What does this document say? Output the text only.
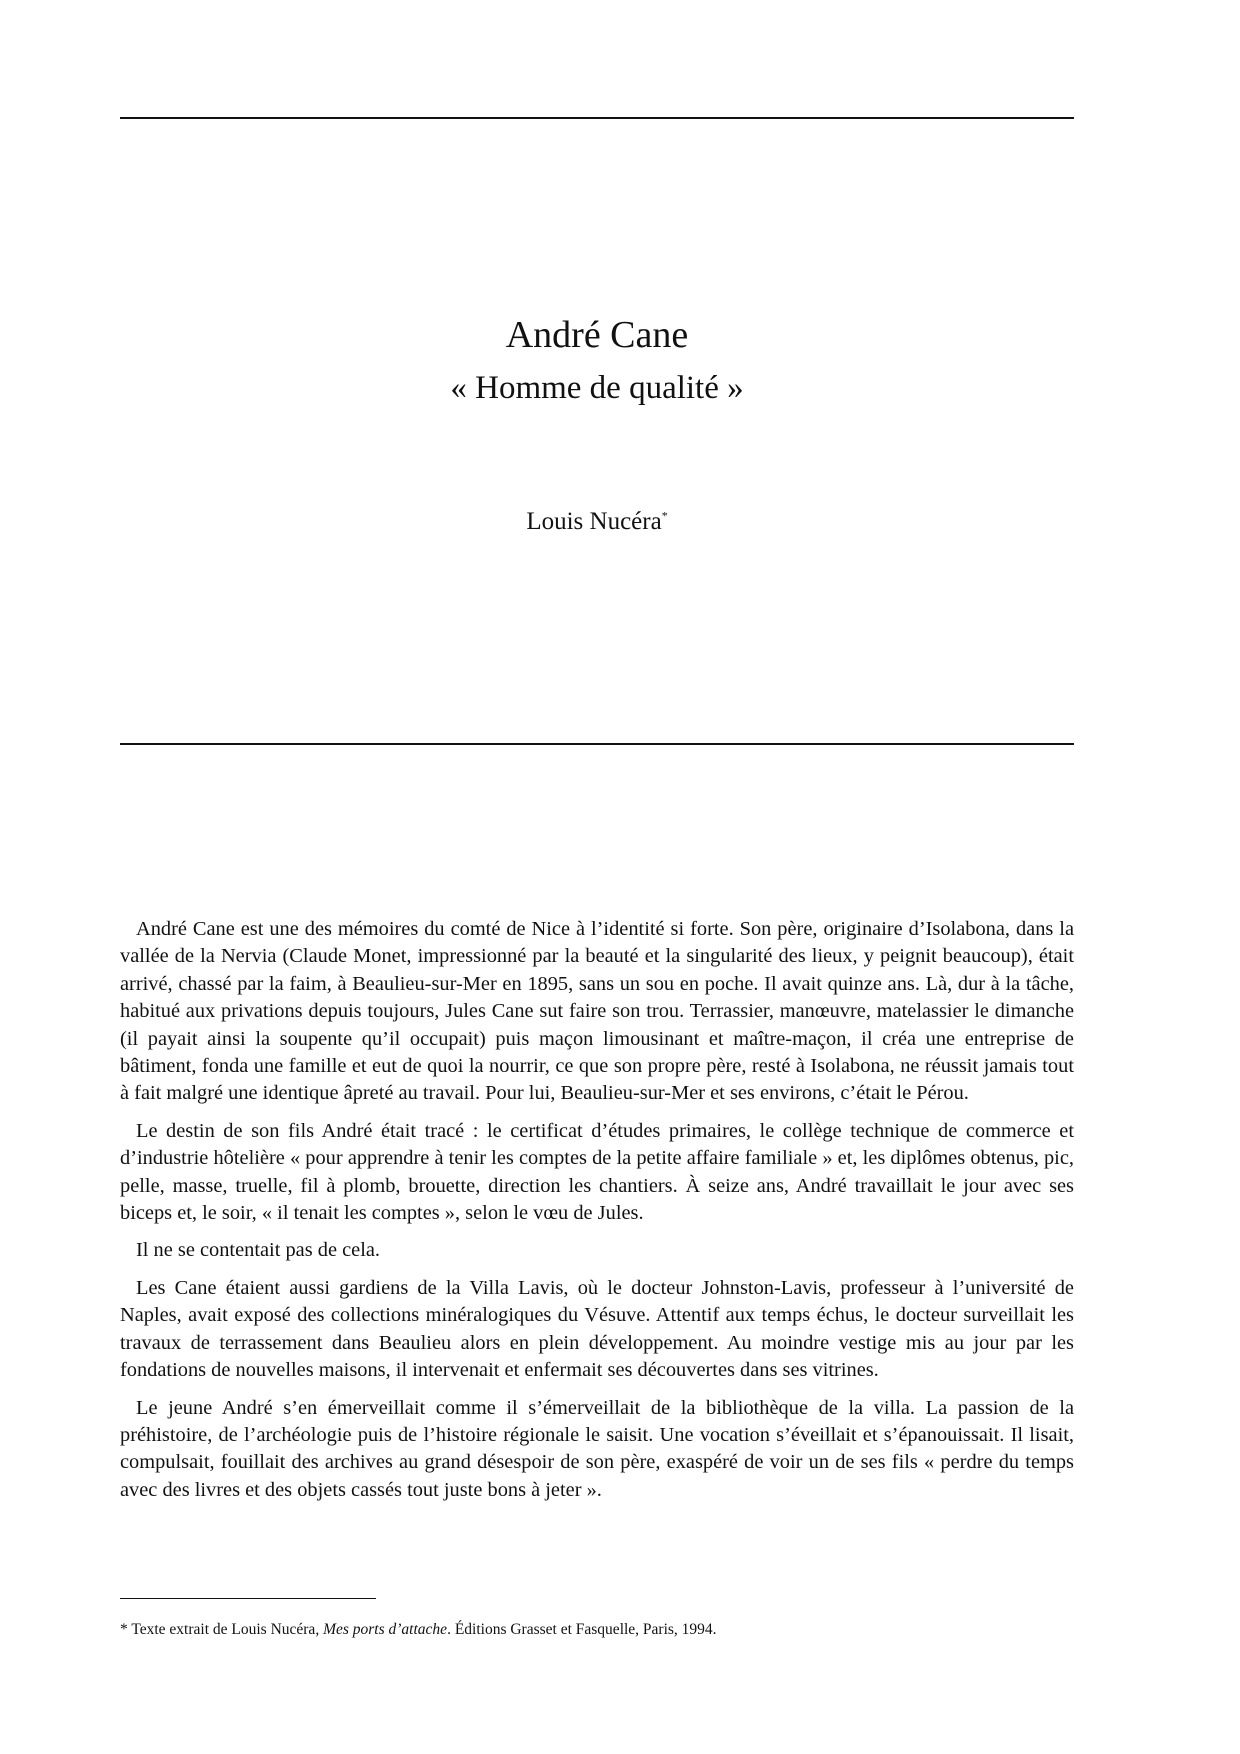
André Cane
« Homme de qualité »
Louis Nucéra*

André Cane est une des mémoires du comté de Nice à l’identité si forte. Son père, originaire d’Isolabona, dans la vallée de la Nervia (Claude Monet, impressionné par la beauté et la singularité des lieux, y peignit beaucoup), était arrivé, chassé par la faim, à Beaulieu-sur-Mer en 1895, sans un sou en poche. Il avait quinze ans. Là, dur à la tâche, habitué aux privations depuis toujours, Jules Cane sut faire son trou. Terrassier, manœuvre, matelassier le dimanche (il payait ainsi la soupente qu’il occupait) puis maçon limousinant et maître-maçon, il créa une entreprise de bâtiment, fonda une famille et eut de quoi la nourrir, ce que son propre père, resté à Isolabona, ne réussit jamais tout à fait malgré une identique âpreté au travail. Pour lui, Beaulieu-sur-Mer et ses environs, c’était le Pérou.

Le destin de son fils André était tracé : le certificat d’études primaires, le collège technique de commerce et d’industrie hôtelière « pour apprendre à tenir les comptes de la petite affaire familiale » et, les diplômes obtenus, pic, pelle, masse, truelle, fil à plomb, brouette, direction les chantiers. À seize ans, André travaillait le jour avec ses biceps et, le soir, « il tenait les comptes », selon le vœu de Jules.

Il ne se contentait pas de cela.

Les Cane étaient aussi gardiens de la Villa Lavis, où le docteur Johnston-Lavis, professeur à l’université de Naples, avait exposé des collections minéralogiques du Vésuve. Attentif aux temps échus, le docteur surveillait les travaux de terrassement dans Beaulieu alors en plein développement. Au moindre vestige mis au jour par les fondations de nouvelles maisons, il intervenait et enfermait ses découvertes dans ses vitrines.

Le jeune André s’en émerveillait comme il s’émerveillait de la bibliothèque de la villa. La passion de la préhistoire, de l’archéologie puis de l’histoire régionale le saisit. Une vocation s’éveillait et s’épanouissait. Il lisait, compulsait, fouillait des archives au grand désespoir de son père, exaspéré de voir un de ses fils « perdre du temps avec des livres et des objets cassés tout juste bons à jeter ».

* Texte extrait de Louis Nucéra, Mes ports d’attache. Éditions Grasset et Fasquelle, Paris, 1994.
